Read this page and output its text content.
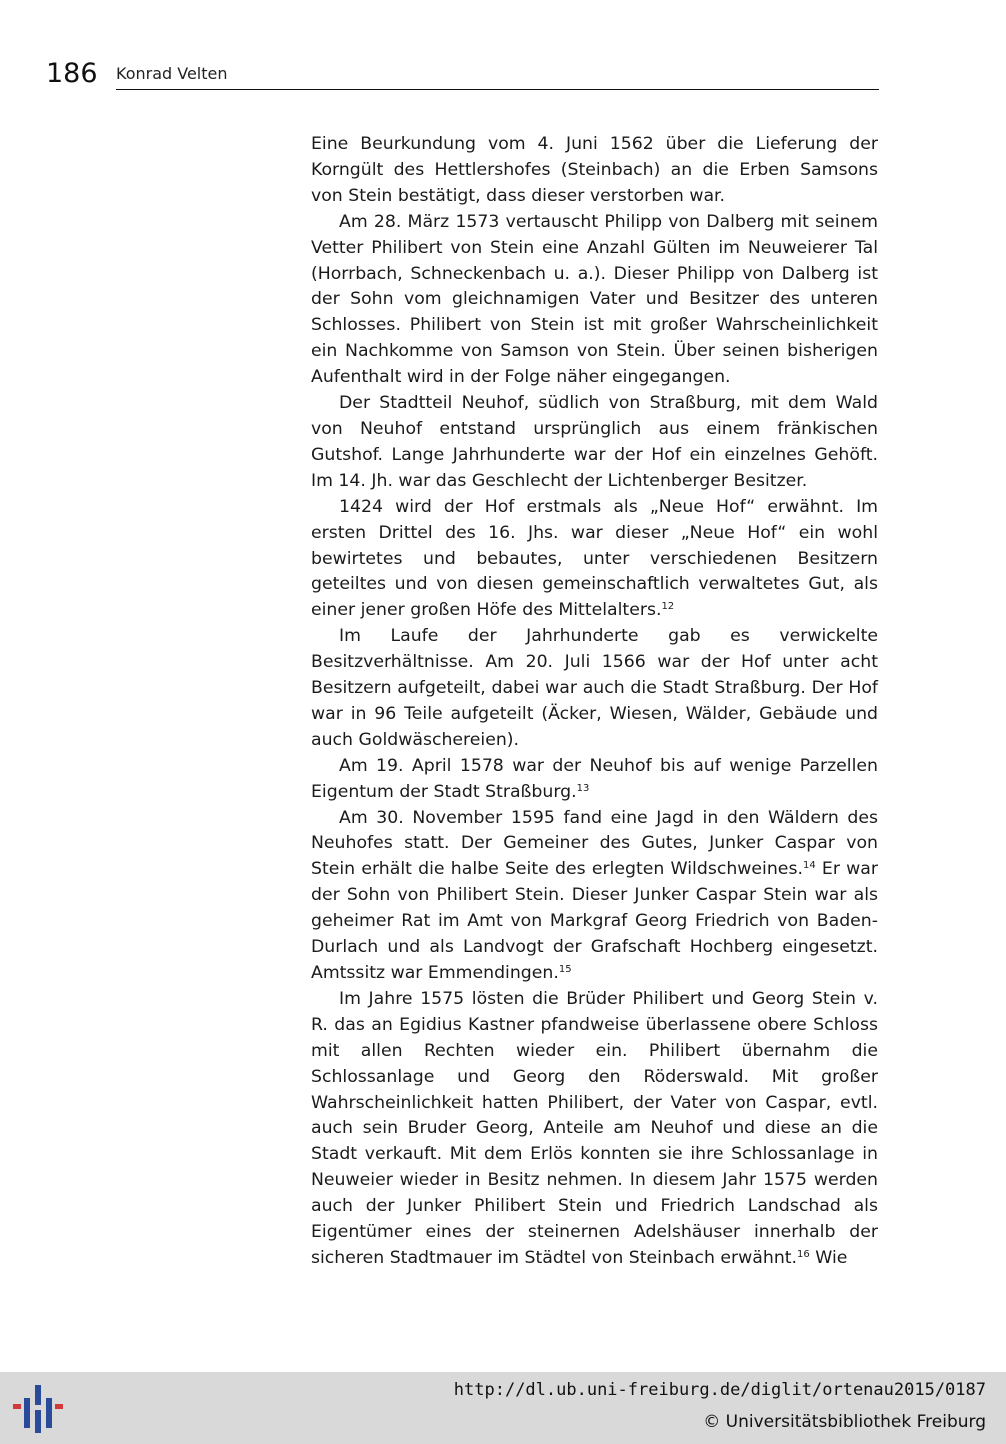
186 Konrad Velten

Eine Beurkundung vom 4. Juni 1562 über die Lieferung der Korngült des Hettlershofes (Steinbach) an die Erben Samsons von Stein bestätigt, dass dieser verstorben war.

Am 28. März 1573 vertauscht Philipp von Dalberg mit seinem Vetter Philibert von Stein eine Anzahl Gülten im Neuweierer Tal (Horrbach, Schneckenbach u. a.). Dieser Philipp von Dalberg ist der Sohn vom gleichnamigen Vater und Besitzer des unteren Schlosses. Philibert von Stein ist mit großer Wahrscheinlichkeit ein Nachkomme von Samson von Stein. Über seinen bisherigen Aufenthalt wird in der Folge näher eingegangen.

Der Stadtteil Neuhof, südlich von Straßburg, mit dem Wald von Neuhof entstand ursprünglich aus einem fränkischen Gutshof. Lange Jahrhunderte war der Hof ein einzelnes Gehöft. Im 14. Jh. war das Geschlecht der Lichtenberger Besitzer.

1424 wird der Hof erstmals als „Neue Hof“ erwähnt. Im ersten Drittel des 16. Jhs. war dieser „Neue Hof“ ein wohl bewirtetes und bebautes, unter verschiedenen Besitzern geteiltes und von diesen gemeinschaftlich verwaltetes Gut, als einer jener großen Höfe des Mittelalters.$^{12}$

Im Laufe der Jahrhunderte gab es verwickelte Besitzverhältnisse. Am 20. Juli 1566 war der Hof unter acht Besitzern aufgeteilt, dabei war auch die Stadt Straßburg. Der Hof war in 96 Teile aufgeteilt (Äcker, Wiesen, Wälder, Gebäude und auch Goldwäschereien).

Am 19. April 1578 war der Neuhof bis auf wenige Parzellen Eigentum der Stadt Straßburg.$^{13}$

Am 30. November 1595 fand eine Jagd in den Wäldern des Neuhofes statt. Der Gemeiner des Gutes, Junker Caspar von Stein erhält die halbe Seite des erlegten Wildschweines.$^{14}$ Er war der Sohn von Philibert Stein. Dieser Junker Caspar Stein war als geheimer Rat im Amt von Markgraf Georg Friedrich von Baden-Durlach und als Landvogt der Grafschaft Hochberg eingesetzt. Amtssitz war Emmendingen.$^{15}$

Im Jahre 1575 lösten die Brüder Philibert und Georg Stein v. R. das an Egidius Kastner pfandweise überlassene obere Schloss mit allen Rechten wieder ein. Philibert übernahm die Schlossanlage und Georg den Röderswald. Mit großer Wahrscheinlichkeit hatten Philibert, der Vater von Caspar, evtl. auch sein Bruder Georg, Anteile am Neuhof und diese an die Stadt verkauft. Mit dem Erlös konnten sie ihre Schlossanlage in Neuweier wieder in Besitz nehmen. In diesem Jahr 1575 werden auch der Junker Philibert Stein und Friedrich Landschad als Eigentümer eines der steinernen Adelshäuser innerhalb der sicheren Stadtmauer im Städtel von Steinbach erwähnt.$^{16}$ Wie

http://dl.ub.uni-freiburg.de/diglit/ortenau2015/0187
© Universitätsbibliothek Freiburg
